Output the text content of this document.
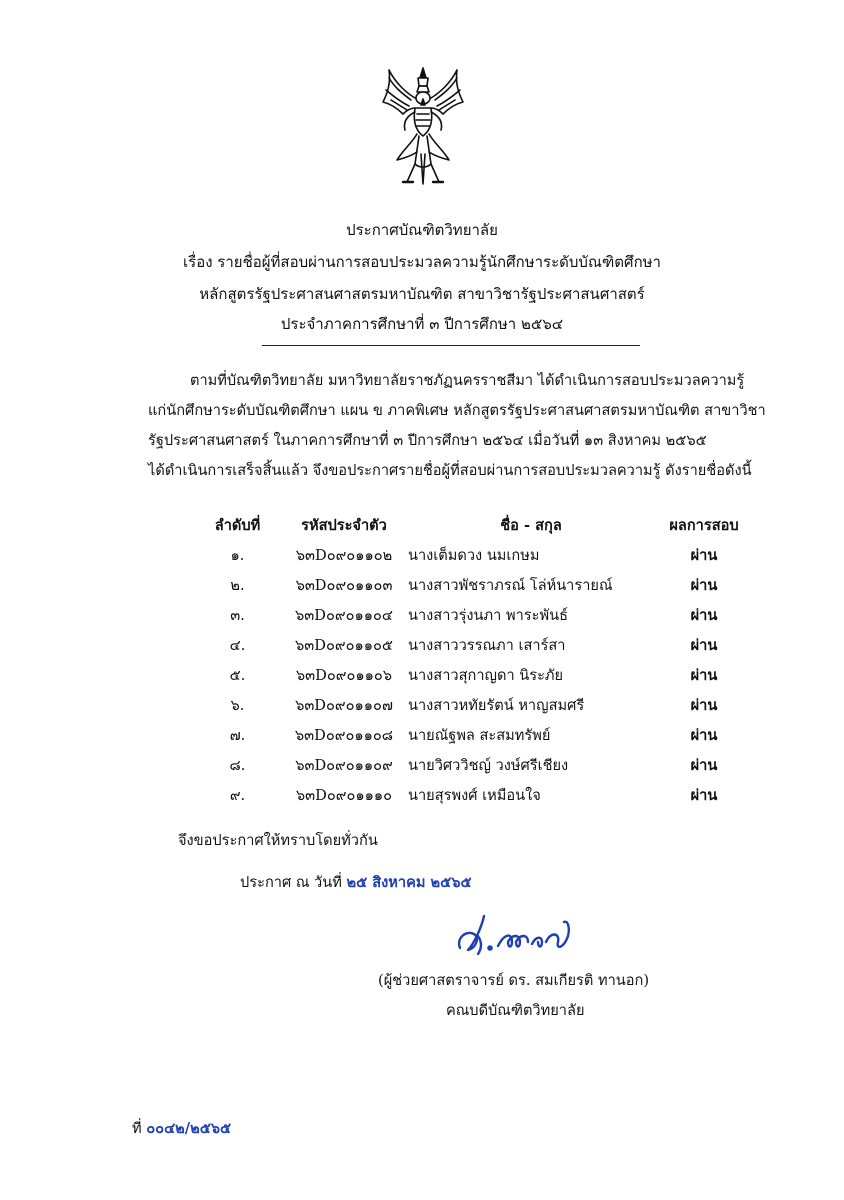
ประกาศบัณฑิตวิทยาลัย
เรื่อง รายชื่อผู้ที่สอบผ่านการสอบประมวลความรู้นักศึกษาระดับบัณฑิตศึกษา
หลักสูตรรัฐประศาสนศาสตรมหาบัณฑิต สาขาวิชารัฐประศาสนศาสตร์
ประจำภาคการศึกษาที่ ๓ ปีการศึกษา ๒๕๖๔
ตามที่บัณฑิตวิทยาลัย มหาวิทยาลัยราชภัฏนครราชสีมา ได้ดำเนินการสอบประมวลความรู้
แก่นักศึกษาระดับบัณฑิตศึกษา แผน ข ภาคพิเศษ หลักสูตรรัฐประศาสนศาสตรมหาบัณฑิต สาขาวิชา
รัฐประศาสนศาสตร์ ในภาคการศึกษาที่ ๓ ปีการศึกษา ๒๕๖๔ เมื่อวันที่ ๑๓ สิงหาคม ๒๕๖๕
ได้ดำเนินการเสร็จสิ้นแล้ว จึงขอประกาศรายชื่อผู้ที่สอบผ่านการสอบประมวลความรู้ ดังรายชื่อดังนี้
ลำดับที่	รหัสประจำตัว	ชื่อ - สกุล	ผลการสอบ
๑.	๖๓D๐๙๐๑๑๐๒	นางเต็มดวง นมเกษม	ผ่าน
๒.	๖๓D๐๙๐๑๑๐๓	นางสาวพัชราภรณ์ โล่ห์นารายณ์	ผ่าน
๓.	๖๓D๐๙๐๑๑๐๔	นางสาวรุ่งนภา พาระพันธ์	ผ่าน
๔.	๖๓D๐๙๐๑๑๐๕	นางสาววรรณภา เสาร์สา	ผ่าน
๕.	๖๓D๐๙๐๑๑๐๖	นางสาวสุกาญดา นิระภัย	ผ่าน
๖.	๖๓D๐๙๐๑๑๐๗	นางสาวหทัยรัตน์ หาญสมศรี	ผ่าน
๗.	๖๓D๐๙๐๑๑๐๘	นายณัฐพล สะสมทรัพย์	ผ่าน
๘.	๖๓D๐๙๐๑๑๐๙	นายวิศววิชญ์ วงษ์ศรีเชียง	ผ่าน
๙.	๖๓D๐๙๐๑๑๑๐	นายสุรพงศ์ เหมือนใจ	ผ่าน
จึงขอประกาศให้ทราบโดยทั่วกัน
ประกาศ ณ วันที่ ๒๕ สิงหาคม ๒๕๖๕
(ผู้ช่วยศาสตราจารย์ ดร. สมเกียรติ ทานอก)
คณบดีบัณฑิตวิทยาลัย
ที่ ๐๐๔๒/๒๕๖๕
